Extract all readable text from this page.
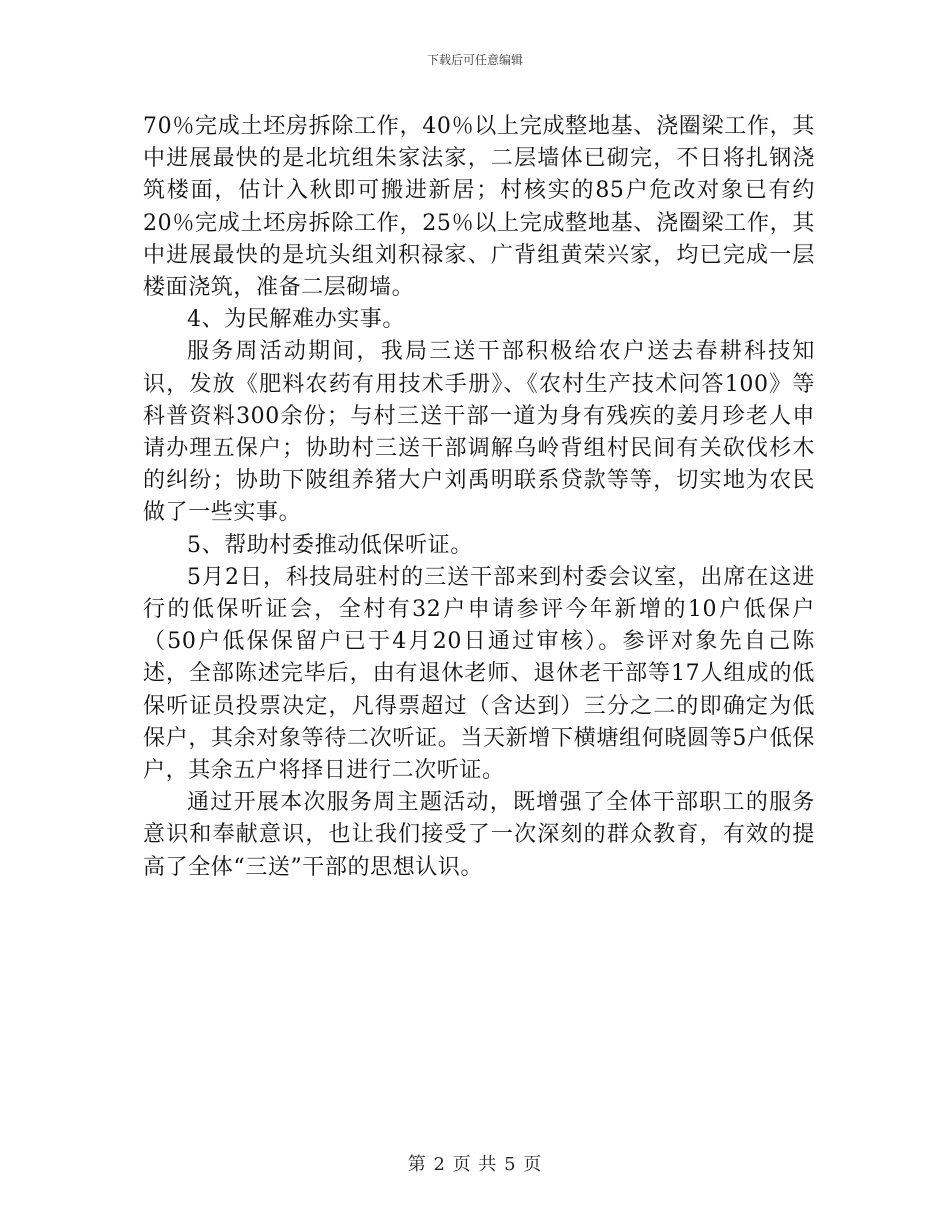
下载后可任意编辑

70％完成土坯房拆除工作，40％以上完成整地基、浇圈梁工作，其中进展最快的是北坑组朱家法家，二层墙体已砌完，不日将扎钢浇筑楼面，估计入秋即可搬进新居；村核实的85户危改对象已有约20％完成土坯房拆除工作，25％以上完成整地基、浇圈梁工作，其中进展最快的是坑头组刘积禄家、广背组黄荣兴家，均已完成一层楼面浇筑，准备二层砌墙。

4、为民解难办实事。

服务周活动期间，我局三送干部积极给农户送去春耕科技知识，发放《肥料农药有用技术手册》、《农村生产技术问答100》等科普资料300余份；与村三送干部一道为身有残疾的姜月珍老人申请办理五保户；协助村三送干部调解乌岭背组村民间有关砍伐杉木的纠纷；协助下陂组养猪大户刘禹明联系贷款等等，切实地为农民做了一些实事。

5、帮助村委推动低保听证。

5月2日，科技局驻村的三送干部来到村委会议室，出席在这进行的低保听证会，全村有32户申请参评今年新增的10户低保户（50户低保保留户已于4月20日通过审核）。参评对象先自己陈述，全部陈述完毕后，由有退休老师、退休老干部等17人组成的低保听证员投票决定，凡得票超过（含达到）三分之二的即确定为低保户，其余对象等待二次听证。当天新增下横塘组何晓圆等5户低保户，其余五户将择日进行二次听证。

通过开展本次服务周主题活动，既增强了全体干部职工的服务意识和奉献意识，也让我们接受了一次深刻的群众教育，有效的提高了全体“三送”干部的思想认识。

第 2 页 共 5 页
